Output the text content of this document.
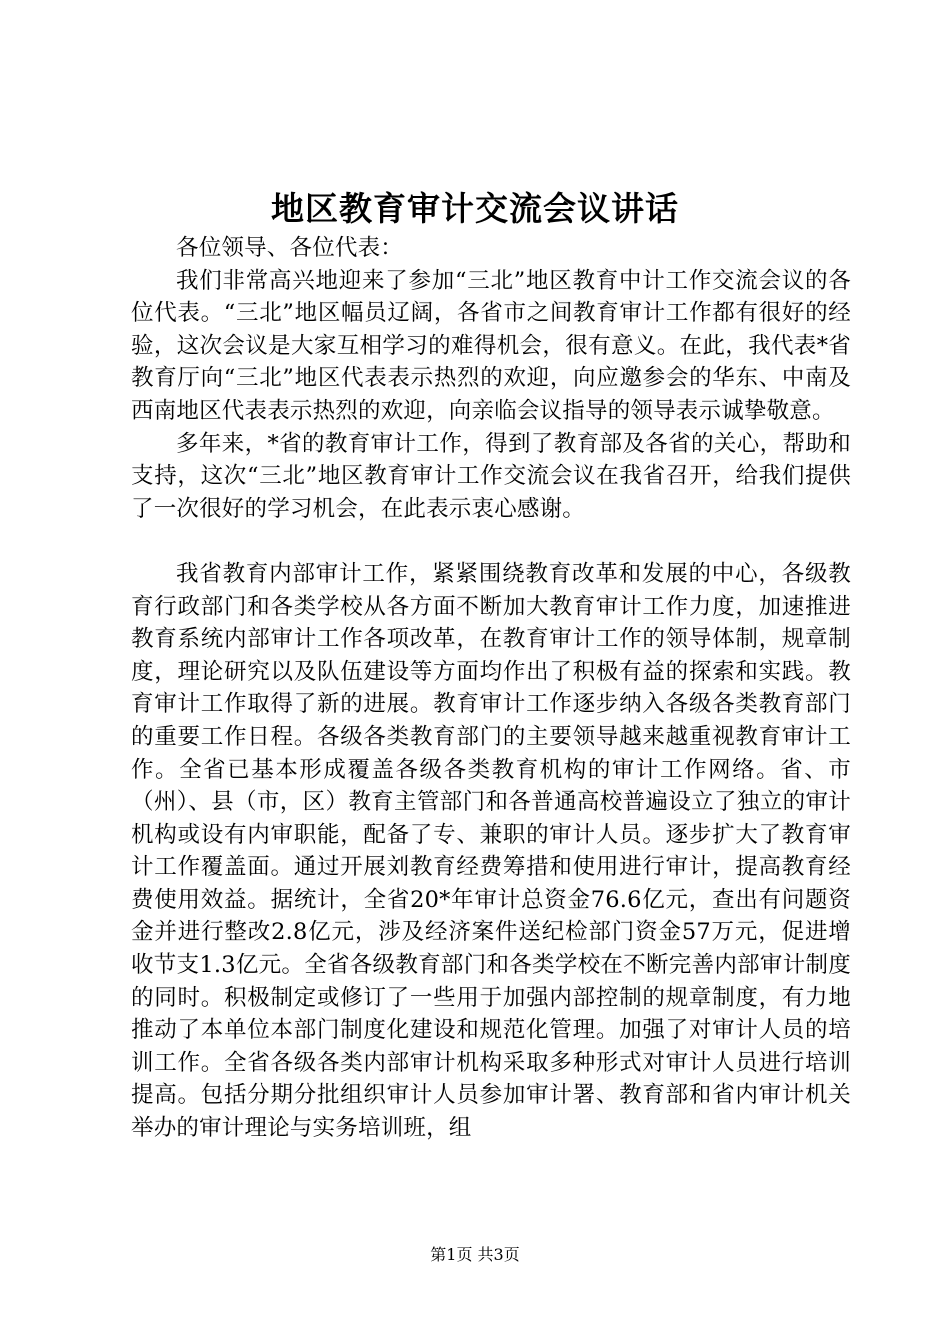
地区教育审计交流会议讲话

各位领导、各位代表：

我们非常高兴地迎来了参加“三北”地区教育中计工作交流会议的各位代表。“三北”地区幅员辽阔，各省市之间教育审计工作都有很好的经验，这次会议是大家互相学习的难得机会，很有意义。在此，我代表*省教育厅向“三北”地区代表表示热烈的欢迎，向应邀参会的华东、中南及西南地区代表表示热烈的欢迎，向亲临会议指导的领导表示诚挚敬意。

多年来，*省的教育审计工作，得到了教育部及各省的关心，帮助和支持，这次“三北”地区教育审计工作交流会议在我省召开，给我们提供了一次很好的学习机会，在此表示衷心感谢。

我省教育内部审计工作，紧紧围绕教育改革和发展的中心，各级教育行政部门和各类学校从各方面不断加大教育审计工作力度，加速推进教育系统内部审计工作各项改革，在教育审计工作的领导体制，规章制度，理论研究以及队伍建设等方面均作出了积极有益的探索和实践。教育审计工作取得了新的进展。教育审计工作逐步纳入各级各类教育部门的重要工作日程。各级各类教育部门的主要领导越来越重视教育审计工作。全省已基本形成覆盖各级各类教育机构的审计工作网络。省、市（州）、县（市，区）教育主管部门和各普通高校普遍设立了独立的审计机构或设有内审职能，配备了专、兼职的审计人员。逐步扩大了教育审计工作覆盖面。通过开展刘教育经费筹措和使用进行审计，提高教育经费使用效益。据统计，全省20*年审计总资金76.6亿元，查出有问题资金并进行整改2.8亿元，涉及经济案件送纪检部门资金57万元，促进增收节支1.3亿元。全省各级教育部门和各类学校在不断完善内部审计制度的同时。积极制定或修订了一些用于加强内部控制的规章制度，有力地推动了本单位本部门制度化建设和规范化管理。加强了对审计人员的培训工作。全省各级各类内部审计机构采取多种形式对审计人员进行培训提高。包括分期分批组织审计人员参加审计署、教育部和省内审计机关举办的审计理论与实务培训班，组

第1页 共3页
